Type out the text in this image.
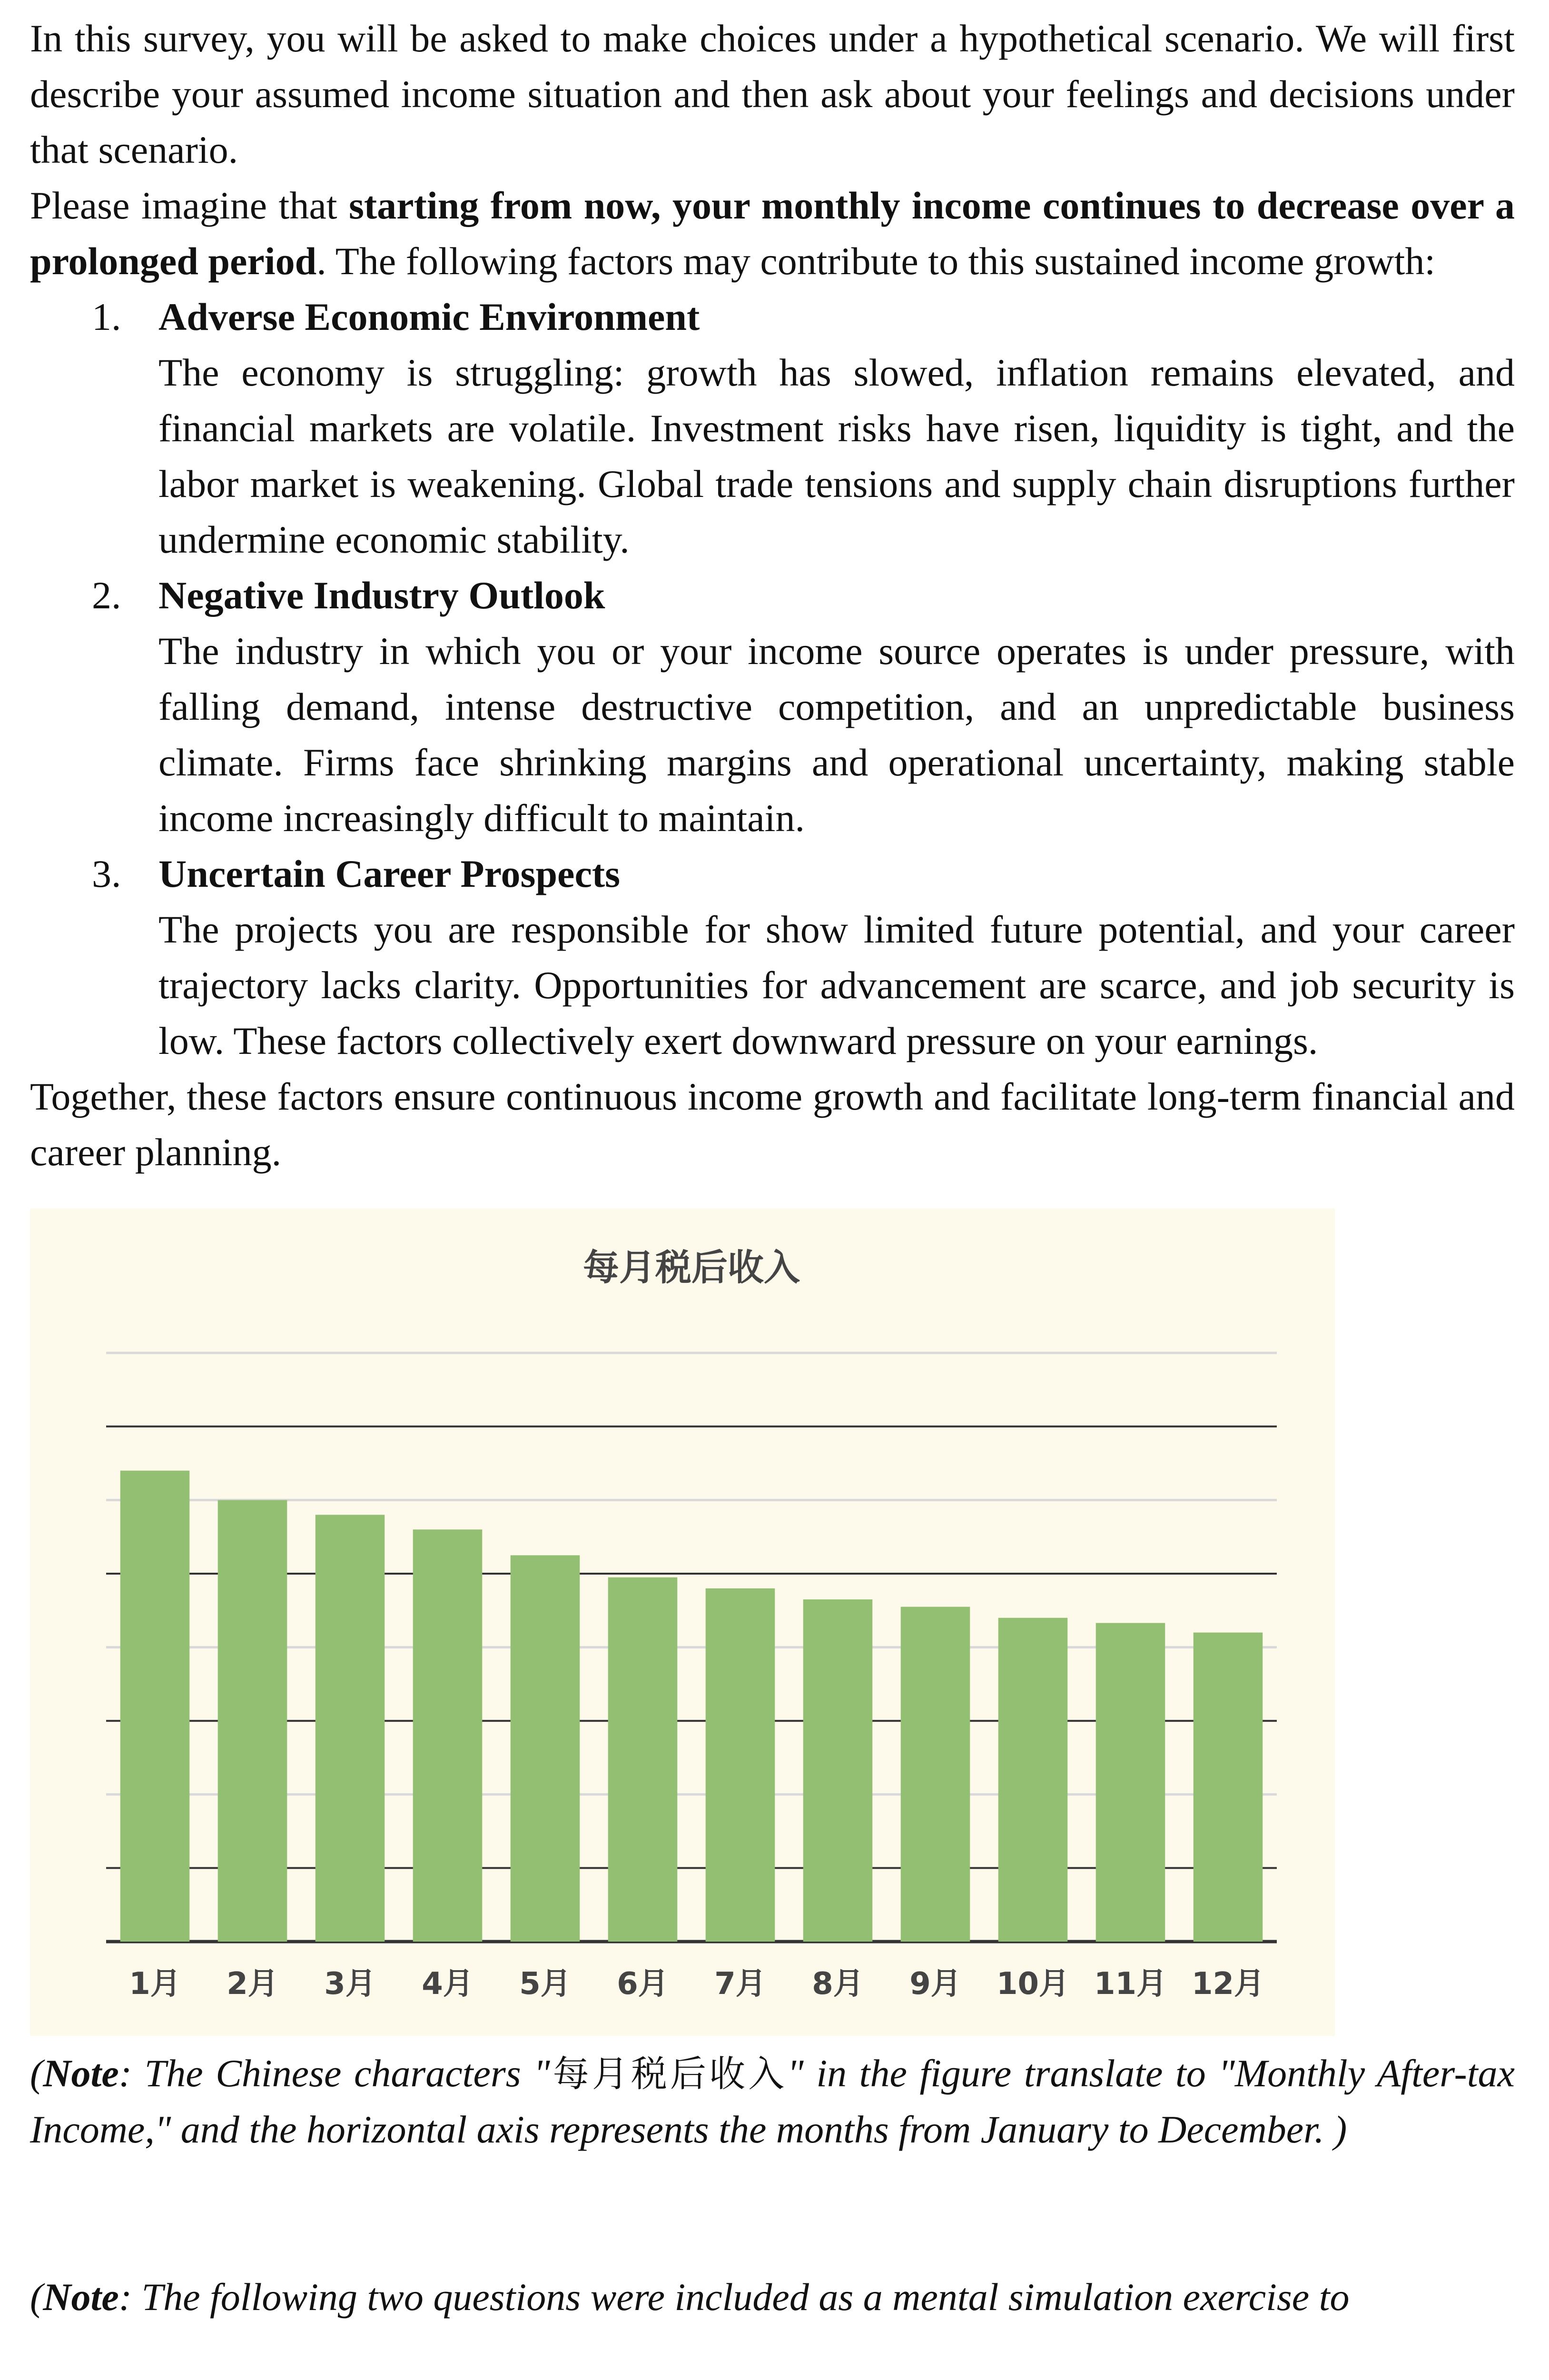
In this survey, you will be asked to make choices under a hypothetical scenario. We will first describe your assumed income situation and then ask about your feelings and decisions under that scenario.

Please imagine that starting from now, your monthly income continues to decrease over a prolonged period. The following factors may contribute to this sustained income growth:

1. Adverse Economic Environment
The economy is struggling: growth has slowed, inflation remains elevated, and financial markets are volatile. Investment risks have risen, liquidity is tight, and the labor market is weakening. Global trade tensions and supply chain disruptions further undermine economic stability.
2. Negative Industry Outlook
The industry in which you or your income source operates is under pressure, with falling demand, intense destructive competition, and an unpredictable business climate. Firms face shrinking margins and operational uncertainty, making stable income increasingly difficult to maintain.
3. Uncertain Career Prospects
The projects you are responsible for show limited future potential, and your career trajectory lacks clarity. Opportunities for advancement are scarce, and job security is low. These factors collectively exert downward pressure on your earnings.

Together, these factors ensure continuous income growth and facilitate long-term financial and career planning.

1月 2月 3月 4月 5月 6月 7月 8月 9月 10月 11月 12月
每月税后收入

(Note: The Chinese characters "每月税后收入" in the figure translate to "Monthly After-tax Income," and the horizontal axis represents the months from January to December. )

(Note: The following two questions were included as a mental simulation exercise to
